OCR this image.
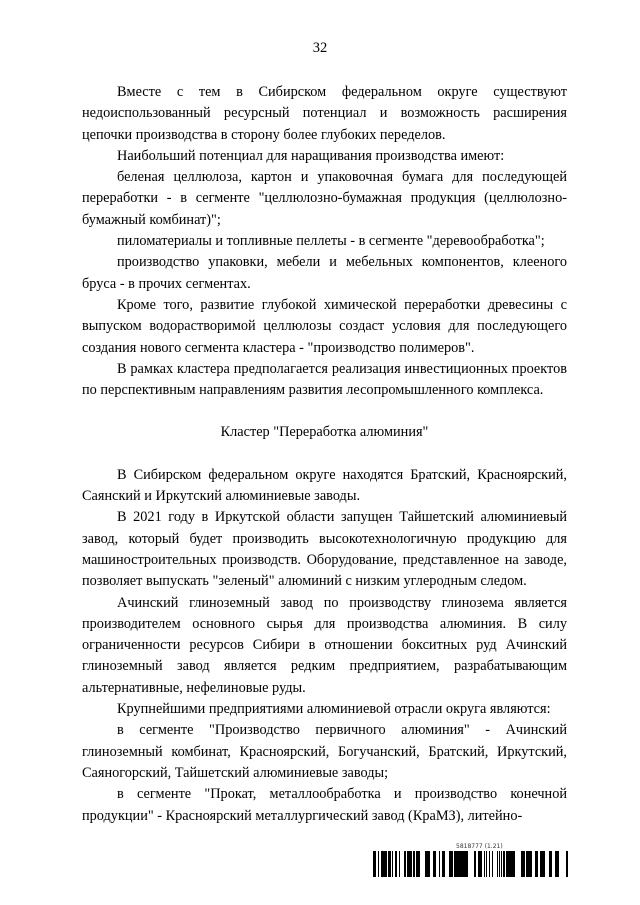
32

Вместе с тем в Сибирском федеральном округе существуют недоиспользованный ресурсный потенциал и возможность расширения цепочки производства в сторону более глубоких переделов.

Наибольший потенциал для наращивания производства имеют:

беленая целлюлоза, картон и упаковочная бумага для последующей переработки - в сегменте "целлюлозно-бумажная продукция (целлюлозно-бумажный комбинат)";

пиломатериалы и топливные пеллеты - в сегменте "деревообработка";

производство упаковки, мебели и мебельных компонентов, клееного бруса - в прочих сегментах.

Кроме того, развитие глубокой химической переработки древесины с выпуском водорастворимой целлюлозы создаст условия для последующего создания нового сегмента кластера - "производство полимеров".

В рамках кластера предполагается реализация инвестиционных проектов по перспективным направлениям развития лесопромышленного комплекса.

Кластер "Переработка алюминия"

В Сибирском федеральном округе находятся Братский, Красноярский, Саянский и Иркутский алюминиевые заводы.

В 2021 году в Иркутской области запущен Тайшетский алюминиевый завод, который будет производить высокотехнологичную продукцию для машиностроительных производств. Оборудование, представленное на заводе, позволяет выпускать "зеленый" алюминий с низким углеродным следом.

Ачинский глиноземный завод по производству глинозема является производителем основного сырья для производства алюминия. В силу ограниченности ресурсов Сибири в отношении бокситных руд Ачинский глиноземный завод является редким предприятием, разрабатывающим альтернативные, нефелиновые руды.

Крупнейшими предприятиями алюминиевой отрасли округа являются:

в сегменте "Производство первичного алюминия" - Ачинский глиноземный комбинат, Красноярский, Богучанский, Братский, Иркутский, Саяногорский, Тайшетский алюминиевые заводы;

в сегменте "Прокат, металлообработка и производство конечной продукции" - Красноярский металлургический завод (КраМЗ), литейно-

5818777 (1.21)
